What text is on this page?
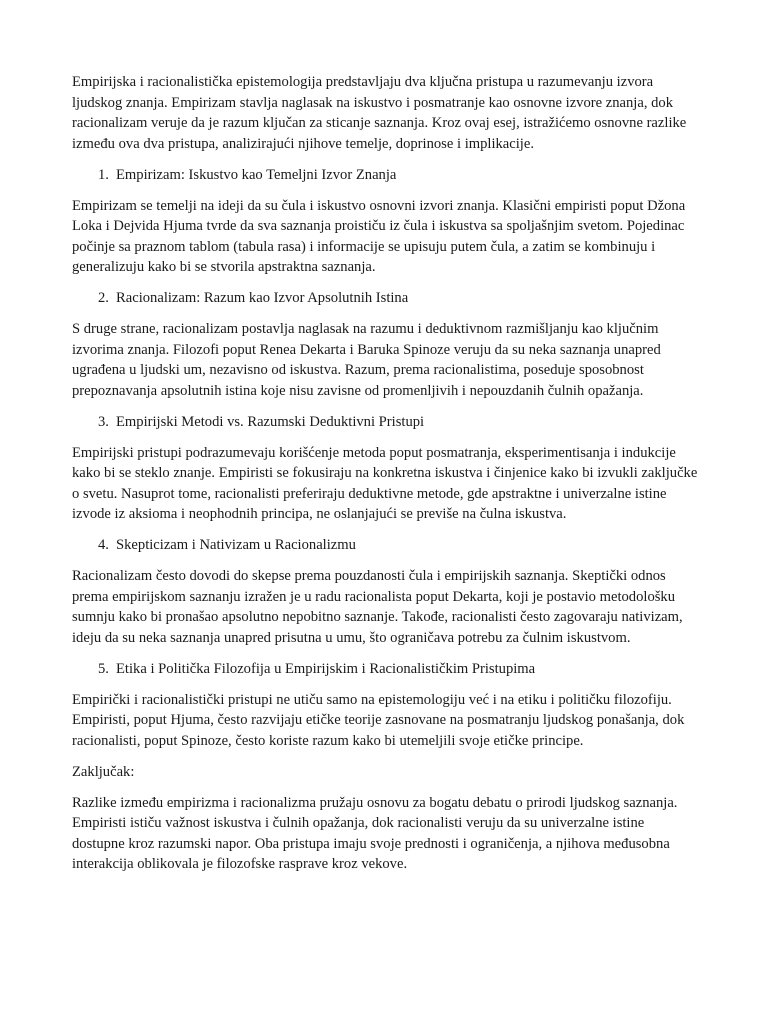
Empirijska i racionalistička epistemologija predstavljaju dva ključna pristupa u razumevanju izvora ljudskog znanja. Empirizam stavlja naglasak na iskustvo i posmatranje kao osnovne izvore znanja, dok racionalizam veruje da je razum ključan za sticanje saznanja. Kroz ovaj esej, istražićemo osnovne razlike između ova dva pristupa, analizirajući njihove temelje, doprinose i implikacije.

1. Empirizam: Iskustvo kao Temeljni Izvor Znanja

Empirizam se temelji na ideji da su čula i iskustvo osnovni izvori znanja. Klasični empiristi poput Džona Loka i Dejvida Hjuma tvrde da sva saznanja proističu iz čula i iskustva sa spoljašnjim svetom. Pojedinac počinje sa praznom tablom (tabula rasa) i informacije se upisuju putem čula, a zatim se kombinuju i generalizuju kako bi se stvorila apstraktna saznanja.

2. Racionalizam: Razum kao Izvor Apsolutnih Istina

S druge strane, racionalizam postavlja naglasak na razumu i deduktivnom razmišljanju kao ključnim izvorima znanja. Filozofi poput Renea Dekarta i Baruka Spinoze veruju da su neka saznanja unapred ugrađena u ljudski um, nezavisno od iskustva. Razum, prema racionalistima, poseduje sposobnost prepoznavanja apsolutnih istina koje nisu zavisne od promenljivih i nepouzdanih čulnih opažanja.

3. Empirijski Metodi vs. Razumski Deduktivni Pristupi

Empirijski pristupi podrazumevaju korišćenje metoda poput posmatranja, eksperimentisanja i indukcije kako bi se steklo znanje. Empiristi se fokusiraju na konkretna iskustva i činjenice kako bi izvukli zaključke o svetu. Nasuprot tome, racionalisti preferiraju deduktivne metode, gde apstraktne i univerzalne istine izvode iz aksioma i neophodnih principa, ne oslanjajući se previše na čulna iskustva.

4. Skepticizam i Nativizam u Racionalizmu

Racionalizam često dovodi do skepse prema pouzdanosti čula i empirijskih saznanja. Skeptički odnos prema empirijskom saznanju izražen je u radu racionalista poput Dekarta, koji je postavio metodološku sumnju kako bi pronašao apsolutno nepobitno saznanje. Takođe, racionalisti često zagovaraju nativizam, ideju da su neka saznanja unapred prisutna u umu, što ograničava potrebu za čulnim iskustvom.

5. Etika i Politička Filozofija u Empirijskim i Racionalističkim Pristupima

Empirički i racionalistički pristupi ne utiču samo na epistemologiju već i na etiku i političku filozofiju. Empiristi, poput Hjuma, često razvijaju etičke teorije zasnovane na posmatranju ljudskog ponašanja, dok racionalisti, poput Spinoze, često koriste razum kako bi utemeljili svoje etičke principe.

Zaključak:

Razlike između empirizma i racionalizma pružaju osnovu za bogatu debatu o prirodi ljudskog saznanja. Empiristi ističu važnost iskustva i čulnih opažanja, dok racionalisti veruju da su univerzalne istine dostupne kroz razumski napor. Oba pristupa imaju svoje prednosti i ograničenja, a njihova međusobna interakcija oblikovala je filozofske rasprave kroz vekove.
